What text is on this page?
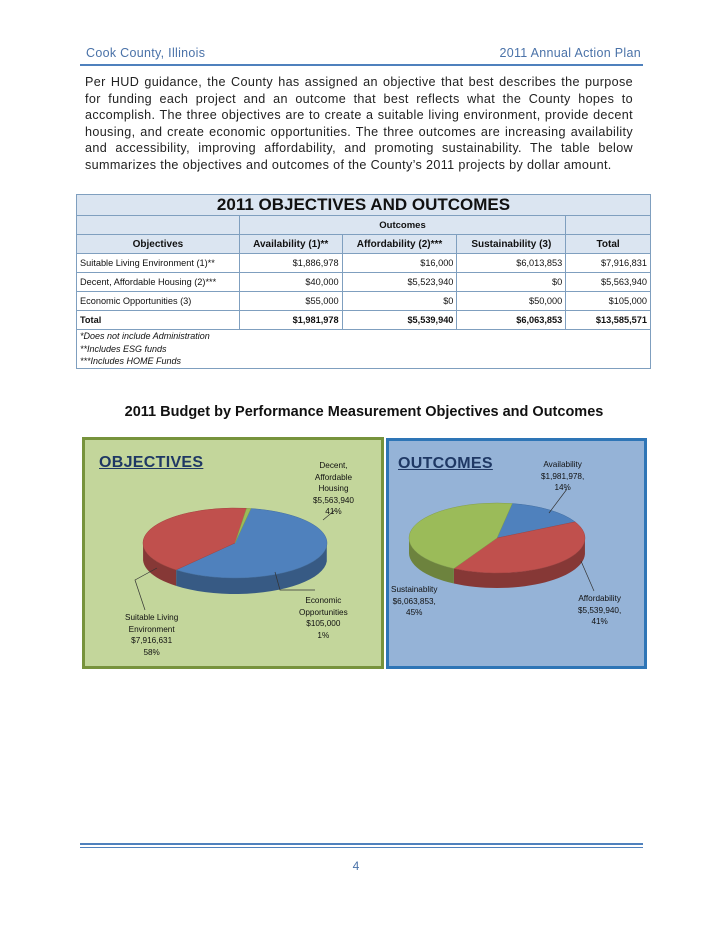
Cook County, Illinois	2011 Annual Action Plan

Per HUD guidance, the County has assigned an objective that best describes the purpose for funding each project and an outcome that best reflects what the County hopes to accomplish. The three objectives are to create a suitable living environment, provide decent housing, and create economic opportunities. The three outcomes are increasing availability and accessibility, improving affordability, and promoting sustainability. The table below summarizes the objectives and outcomes of the County’s 2011 projects by dollar amount.

2011 OBJECTIVES AND OUTCOMES				
	Outcomes			
Objectives	Availability (1)**	Affordability (2)***	Sustainability (3)	Total
Suitable Living Environment (1)**	$1,886,978	$16,000	$6,013,853	$7,916,831
Decent, Affordable Housing (2)***	$40,000	$5,523,940	$0	$5,563,940
Economic Opportunities (3)	$55,000	$0	$50,000	$105,000
Total	$1,981,978	$5,539,940	$6,063,853	$13,585,571

*Does not include Administration
**Includes ESG funds
***Includes HOME Funds				
2011 Budget by Performance Measurement Objectives and Outcomes
OBJECTIVES	Decent,
Affordable
Housing
$5,563,940
41%
Economic
Opportunities
$105,000
1%
Suitable Living
Environment
$7,916,631
58%
OUTCOMES	Availability
$1,981,978,
14%
Affordability
$5,539,940,
41%
Sustainablity
$6,063,853,
45%
4
